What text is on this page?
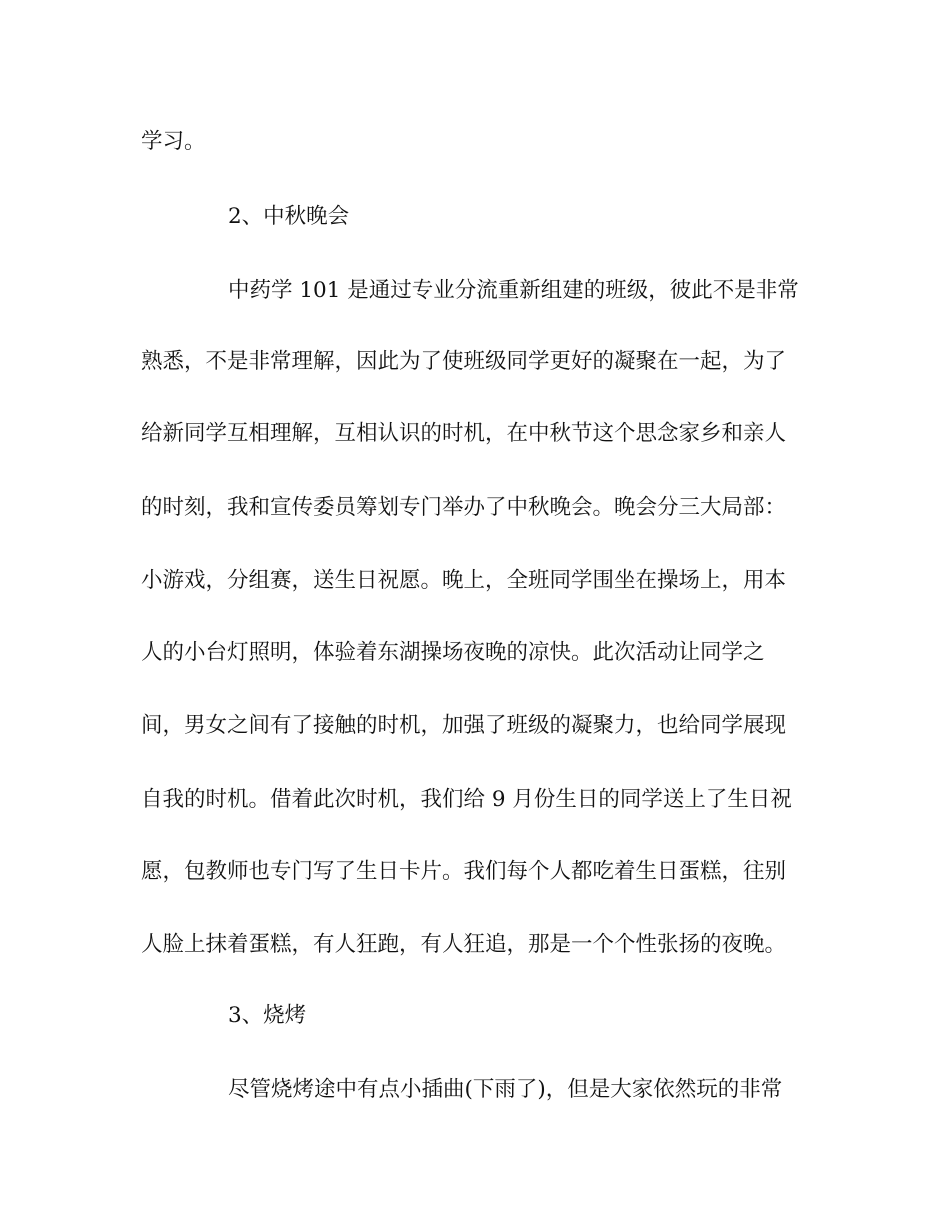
学习。
2、中秋晚会
中药学 101 是通过专业分流重新组建的班级，彼此不是非常
熟悉，不是非常理解，因此为了使班级同学更好的凝聚在一起，为了
给新同学互相理解，互相认识的时机，在中秋节这个思念家乡和亲人
的时刻，我和宣传委员筹划专门举办了中秋晚会。晚会分三大局部：
小游戏，分组赛，送生日祝愿。晚上，全班同学围坐在操场上，用本
人的小台灯照明，体验着东湖操场夜晚的凉快。此次活动让同学之
间，男女之间有了接触的时机，加强了班级的凝聚力，也给同学展现
自我的时机。借着此次时机，我们给 9 月份生日的同学送上了生日祝
愿，包教师也专门写了生日卡片。我们每个人都吃着生日蛋糕，往别
人脸上抹着蛋糕，有人狂跑，有人狂追，那是一个个性张扬的夜晚。
3、烧烤
尽管烧烤途中有点小插曲(下雨了)，但是大家依然玩的非常
